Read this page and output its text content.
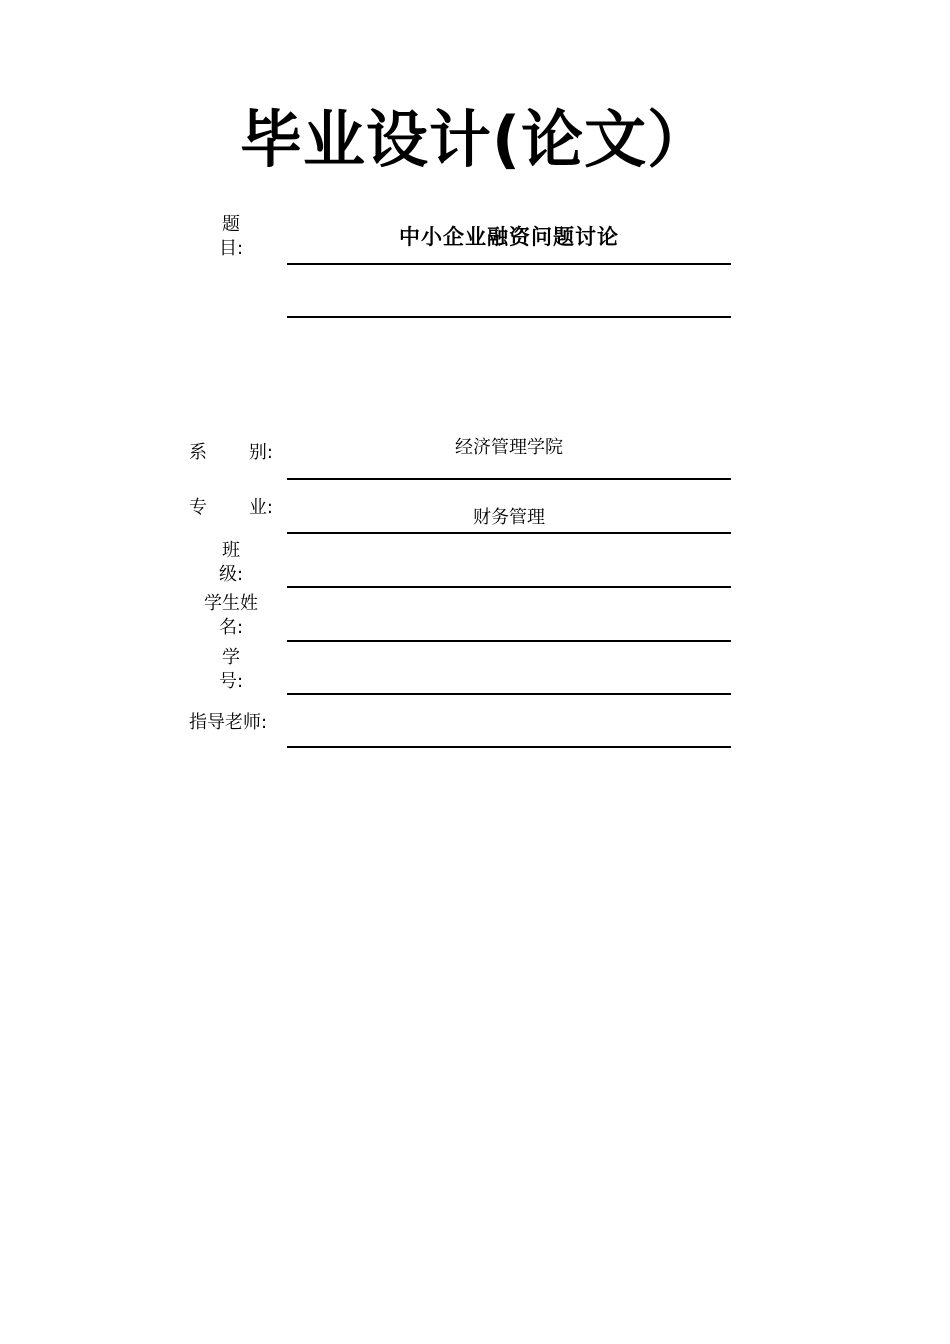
毕业设计(论文）
题
目:	中小企业融资问题讨论
系 别:	经济管理学院
专 业:	财务管理
班
级:
学生姓
名:
学
号:
指导老师:
